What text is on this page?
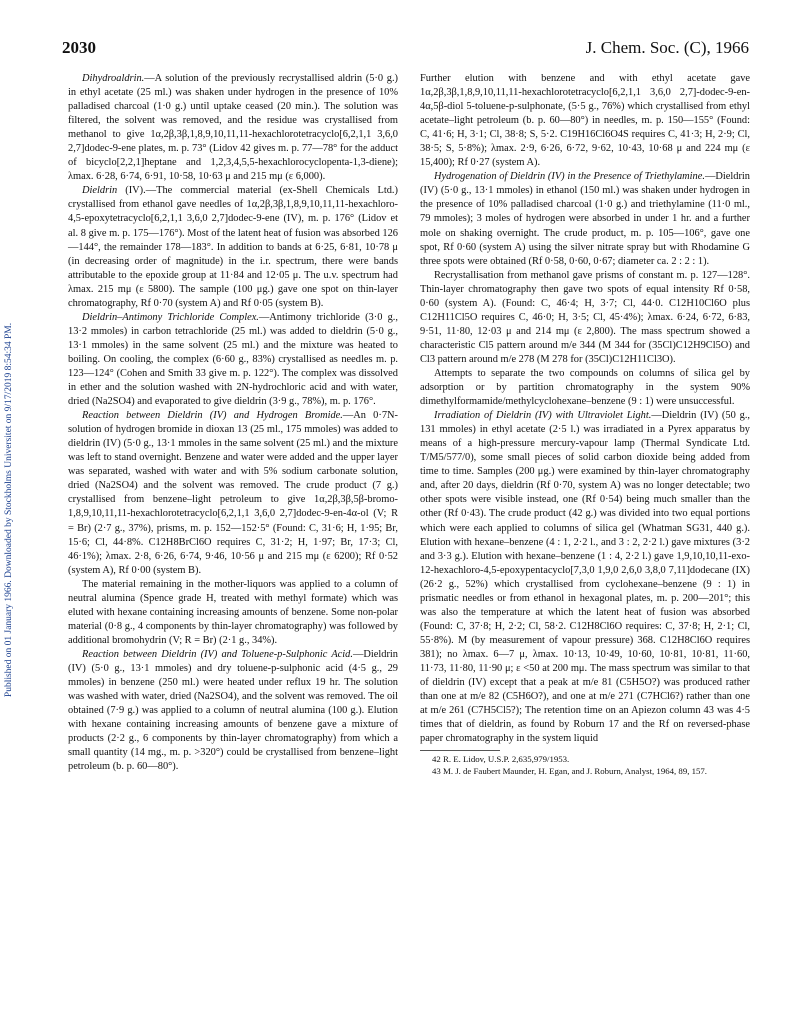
Published on 01 January 1966. Downloaded by Stockholms Universitet on 9/17/2019 8:54:34 PM.
2030	J. Chem. Soc. (C), 1966

Dihydroaldrin.—A solution of the previously recrystallised aldrin (5·0 g.) in ethyl acetate (25 ml.) was shaken under hydrogen in the presence of 10% palladised charcoal (1·0 g.) until uptake ceased (20 min.). The solution was filtered, the solvent was removed, and the residue was crystallised from methanol to give 1α,2β,3β,1,8,9,10,11,11-hexachlorotetracyclo[6,2,1,1 3,6,0 2,7]dodec-9-ene plates, m. p. 73° (Lidov 42 gives m. p. 77—78° for the adduct of bicyclo[2,2,1]heptane and 1,2,3,4,5,5-hexachlorocyclopenta-1,3-diene); λmax. 6·28, 6·74, 6·91, 10·58, 10·63 μ and 215 mμ (ε 6,000).

Dieldrin (IV).—The commercial material (ex-Shell Chemicals Ltd.) crystallised from ethanol gave needles of 1α,2β,3β,1,8,9,10,11,11-hexachloro-4,5-epoxytetracyclo[6,2,1,1 3,6,0 2,7]dodec-9-ene (IV), m. p. 176° (Lidov et al. 8 give m. p. 175—176°). Most of the latent heat of fusion was absorbed 126—144°, the remainder 178—183°. In addition to bands at 6·25, 6·81, 10·78 μ (in decreasing order of magnitude) in the i.r. spectrum, there were bands attributable to the epoxide group at 11·84 and 12·05 μ. The u.v. spectrum had λmax. 215 mμ (ε 5800). The sample (100 μg.) gave one spot on thin-layer chromatography, Rf 0·70 (system A) and Rf 0·05 (system B).

Dieldrin–Antimony Trichloride Complex.—Antimony trichloride (3·0 g., 13·2 mmoles) in carbon tetrachloride (25 ml.) was added to dieldrin (5·0 g., 13·1 mmoles) in the same solvent (25 ml.) and the mixture was heated to boiling. On cooling, the complex (6·60 g., 83%) crystallised as needles m. p. 123—124° (Cohen and Smith 33 give m. p. 122°). The complex was dissolved in ether and the solution washed with 2N-hydrochloric acid and with water, dried (Na2SO4) and evaporated to give dieldrin (3·9 g., 78%), m. p. 176°.

Reaction between Dieldrin (IV) and Hydrogen Bromide.—An 0·7N-solution of hydrogen bromide in dioxan 13 (25 ml., 175 mmoles) was added to dieldrin (IV) (5·0 g., 13·1 mmoles in the same solvent (25 ml.) and the mixture was left to stand overnight. Benzene and water were added and the upper layer was separated, washed with water and with 5% sodium carbonate solution, dried (Na2SO4) and the solvent was removed. The crude product (7 g.) crystallised from benzene–light petroleum to give 1α,2β,3β,5β-bromo-1,8,9,10,11,11-hexachlorotetracyclo[6,2,1,1 3,6,0 2,7]dodec-9-en-4α-ol (V; R = Br) (2·7 g., 37%), prisms, m. p. 152—152·5° (Found: C, 31·6; H, 1·95; Br, 15·6; Cl, 44·8%. C12H8BrCl6O requires C, 31·2; H, 1·97; Br, 17·3; Cl, 46·1%); λmax. 2·8, 6·26, 6·74, 9·46, 10·56 μ and 215 mμ (ε 6200); Rf 0·52 (system A), Rf 0·00 (system B).

The material remaining in the mother-liquors was applied to a column of neutral alumina (Spence grade H, treated with methyl formate) which was eluted with hexane containing increasing amounts of benzene. Some non-polar material (0·8 g., 4 components by thin-layer chromatography) was followed by additional bromohydrin (V; R = Br) (2·1 g., 34%).

Reaction between Dieldrin (IV) and Toluene-p-Sulphonic Acid.—Dieldrin (IV) (5·0 g., 13·1 mmoles) and dry toluene-p-sulphonic acid (4·5 g., 29 mmoles) in benzene (250 ml.) were heated under reflux 19 hr. The solution was washed with water, dried (Na2SO4), and the solvent was removed. The oil obtained (7·9 g.) was applied to a column of neutral alumina (100 g.). Elution with hexane containing increasing amounts of benzene gave a mixture of products (2·2 g., 6 components by thin-layer chromatography) from which a small quantity (14 mg., m. p. >320°) could be crystallised from benzene–light petroleum (b. p. 60—80°).

Further elution with benzene and with ethyl acetate gave 1α,2β,3β,1,8,9,10,11,11-hexachlorotetracyclo[6,2,1,1 3,6,0 2,7]-dodec-9-en-4α,5β-diol 5-toluene-p-sulphonate, (5·5 g., 76%) which crystallised from ethyl acetate–light petroleum (b. p. 60—80°) in needles, m. p. 150—155° (Found: C, 41·6; H, 3·1; Cl, 38·8; S, 5·2. C19H16Cl6O4S requires C, 41·3; H, 2·9; Cl, 38·5; S, 5·8%); λmax. 2·9, 6·26, 6·72, 9·62, 10·43, 10·68 μ and 224 mμ (ε 15,400); Rf 0·27 (system A).

Hydrogenation of Dieldrin (IV) in the Presence of Triethylamine.—Dieldrin (IV) (5·0 g., 13·1 mmoles) in ethanol (150 ml.) was shaken under hydrogen in the presence of 10% palladised charcoal (1·0 g.) and triethylamine (11·0 ml., 79 mmoles); 3 moles of hydrogen were absorbed in under 1 hr. and a further mole on shaking overnight. The crude product, m. p. 105—106°, gave one spot, Rf 0·60 (system A) using the silver nitrate spray but with Rhodamine G three spots were obtained (Rf 0·58, 0·60, 0·67; diameter ca. 2 : 2 : 1).

Recrystallisation from methanol gave prisms of constant m. p. 127—128°. Thin-layer chromatography then gave two spots of equal intensity Rf 0·58, 0·60 (system A). (Found: C, 46·4; H, 3·7; Cl, 44·0. C12H10Cl6O plus C12H11Cl5O requires C, 46·0; H, 3·5; Cl, 45·4%); λmax. 6·24, 6·72, 6·83, 9·51, 11·80, 12·03 μ and 214 mμ (ε 2,800). The mass spectrum showed a characteristic Cl5 pattern around m/e 344 (M 344 for (35Cl)C12H9Cl5O) and Cl3 pattern around m/e 278 (M 278 for (35Cl)C12H11Cl3O).

Attempts to separate the two compounds on columns of silica gel by adsorption or by partition chromatography in the system 90% dimethylformamide/methylcyclohexane–benzene (9 : 1) were unsuccessful.

Irradiation of Dieldrin (IV) with Ultraviolet Light.—Dieldrin (IV) (50 g., 131 mmoles) in ethyl acetate (2·5 l.) was irradiated in a Pyrex apparatus by means of a high-pressure mercury-vapour lamp (Thermal Syndicate Ltd. T/M5/577/0), some small pieces of solid carbon dioxide being added from time to time. Samples (200 μg.) were examined by thin-layer chromatography and, after 20 days, dieldrin (Rf 0·70, system A) was no longer detectable; two other spots were visible instead, one (Rf 0·54) being much smaller than the other (Rf 0·43). The crude product (42 g.) was divided into two equal portions which were each applied to columns of silica gel (Whatman SG31, 440 g.). Elution with hexane–benzene (4 : 1, 2·2 l., and 3 : 2, 2·2 l.) gave mixtures (3·2 and 3·3 g.). Elution with hexane–benzene (1 : 4, 2·2 l.) gave 1,9,10,10,11-exo-12-hexachloro-4,5-epoxypentacyclo[7,3,0 1,9,0 2,6,0 3,8,0 7,11]dodecane (IX) (26·2 g., 52%) which crystallised from cyclohexane–benzene (9 : 1) in prismatic needles or from ethanol in hexagonal plates, m. p. 200—201°; this was also the temperature at which the latent heat of fusion was absorbed (Found: C, 37·8; H, 2·2; Cl, 58·2. C12H8Cl6O requires: C, 37·8; H, 2·1; Cl, 55·8%). M (by measurement of vapour pressure) 368. C12H8Cl6O requires 381); no λmax. 6—7 μ, λmax. 10·13, 10·49, 10·60, 10·81, 10·81, 11·60, 11·73, 11·80, 11·90 μ; ε <50 at 200 mμ. The mass spectrum was similar to that of dieldrin (IV) except that a peak at m/e 81 (C5H5O?) was produced rather than one at m/e 82 (C5H6O?), and one at m/e 271 (C7HCl6?) rather than one at m/e 261 (C7H5Cl5?); The retention time on an Apiezon column 43 was 4·5 times that of dieldrin, as found by Roburn 17 and the Rf on reversed-phase paper chromatography in the system liquid

42 R. E. Lidov, U.S.P. 2,635,979/1953.
43 M. J. de Faubert Maunder, H. Egan, and J. Roburn, Analyst, 1964, 89, 157.
